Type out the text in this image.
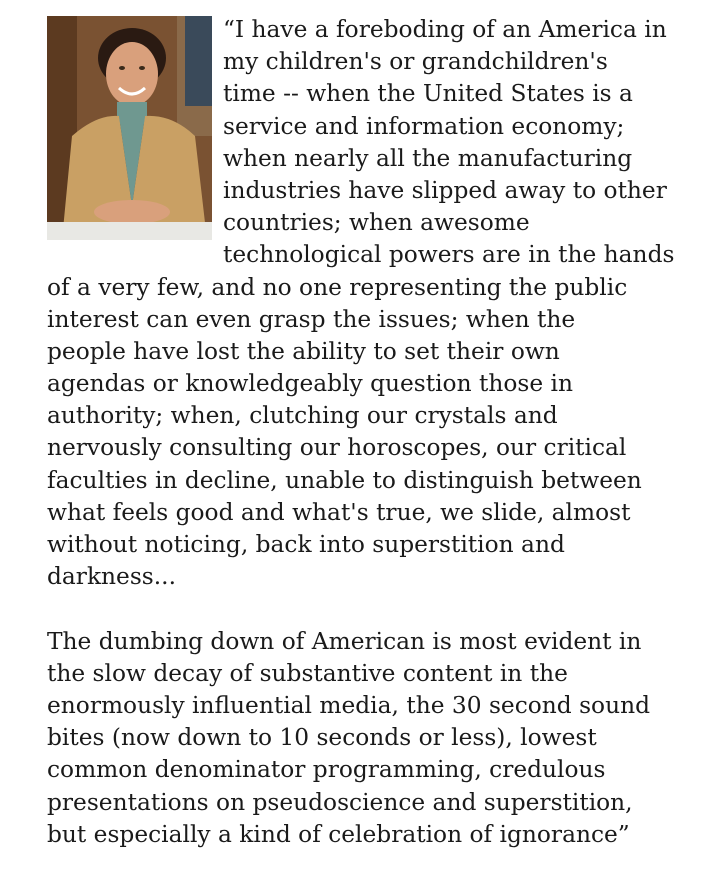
“I have a foreboding of an America in
my children's or grandchildren's
time -- when the United States is a
service and information economy;
when nearly all the manufacturing
industries have slipped away to other
countries; when awesome
technological powers are in the hands
of a very few, and no one representing the public
interest can even grasp the issues; when the
people have lost the ability to set their own
agendas or knowledgeably question those in
authority; when, clutching our crystals and
nervously consulting our horoscopes, our critical
faculties in decline, unable to distinguish between
what feels good and what's true, we slide, almost
without noticing, back into superstition and
darkness...
The dumbing down of American is most evident in
the slow decay of substantive content in the
enormously influential media, the 30 second sound
bites (now down to 10 seconds or less), lowest
common denominator programming, credulous
presentations on pseudoscience and superstition,
but especially a kind of celebration of ignorance”
